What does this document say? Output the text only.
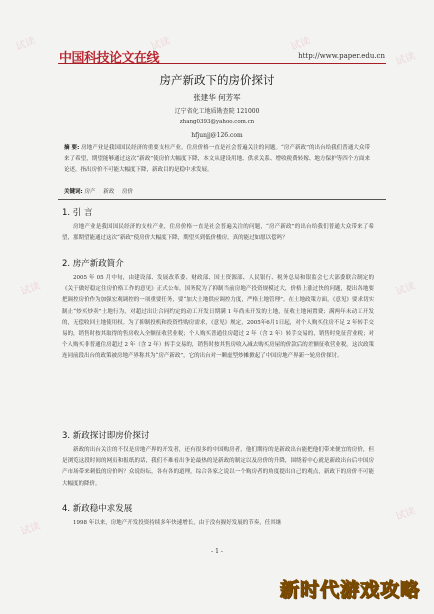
试读	试读	试读
试读
试读	试读
试读
试读
中国科技论文在线	http://www.paper.edu.cn
房产新政下的房价探讨
张建华 何芳军
辽宁省化工地质勘查院 121000
zhang0393@yahoo.com.cn
hfjunjj@126.com
摘 要: 房地产业是我国国民经济的重要支柱产业。住房价格一直是社会普遍关注的问题。“房产新政”的出台给我们普通大众带来了希望，期望能够通过这次“新政”使房价大幅度下降，本文从建设用地、供求关系、增收税费转嫁、地方保护等四个方面来论述，指出房价不可能大幅度下降，新政目的是稳中求发展。
关键词: 房产 新政 房价
1. 引 言
房地产业是我国国民经济的支柱产业，住房价格一直是社会普遍关注的问题，“房产新政”的出台给我们普通大众带来了希望，那期望能通过这次“新政”使房价大幅度下降，期望买到低价楼房，真的能过如愿以偿吗？
2. 房产新政简介
2005 年 05 月中旬，由建设部、发展改革委、财政部、国土资源部、人民银行、税务总局和银监会七大部委联合制定的《关于做好稳定住房价格工作的意见》正式公布。国务院为了抑制当前房地产投资规模过大，价格上涨过快的问题，提出各地要把调控房价作为加强宏观调控的一项重要任务，要“加大土地供应调控力度，严格土地管理”。在土地政策方面，《意见》要求切实制止“炒买炒卖”土地行为，对超过出让合同约定的动工开发日期满 1 年尚未开发的土地，征收土地闲置费；满两年未动工开发的，无偿收回土地使用权。为了抑制投机和投资性购房需求，《意见》规定，2005年6月1日起，对个人购买住房不足 2 年转手交易的，销售时按其取得的售房收入全额征收营业税；个人购买普通住房超过 2 年（含 2 年）转手交易的，销售时免征营业税；对个人购买非普通住房超过 2 年（含 2 年）转手交易的，销售时按其售房收入减去购买房屋的价款后的差额征收营业税。这次政策连同前段出台的政策被房地产界称其为“房产新政”，它的出台对一颗虚型炒摊掀起了中国房地产界新一轮房价探讨。
3. 新政探讨即房价探讨
新政的出台关注的不仅是房地产界的开发者，还有很多的中国购房者，他们期待的是新政出台能把他们带来便宜的房价，但是浏览这段时间的网页和报纸的话，我们不难看出争论最热的是新政的制定以及房价的升降，围绕着中心就是新政出台后中国房产市场带来刺低的房价吗？众说纷纭，各有各的道理，综合各家之说以一个购房者的角度提出自己的观点，新政下的房价不可能大幅度的降价。
4. 新政稳中求发展
1998 年以来，房地产开发投资持续多年快速增长，由于没有握好发展的节奏，任其继
- 1 -
新时代游戏攻略
